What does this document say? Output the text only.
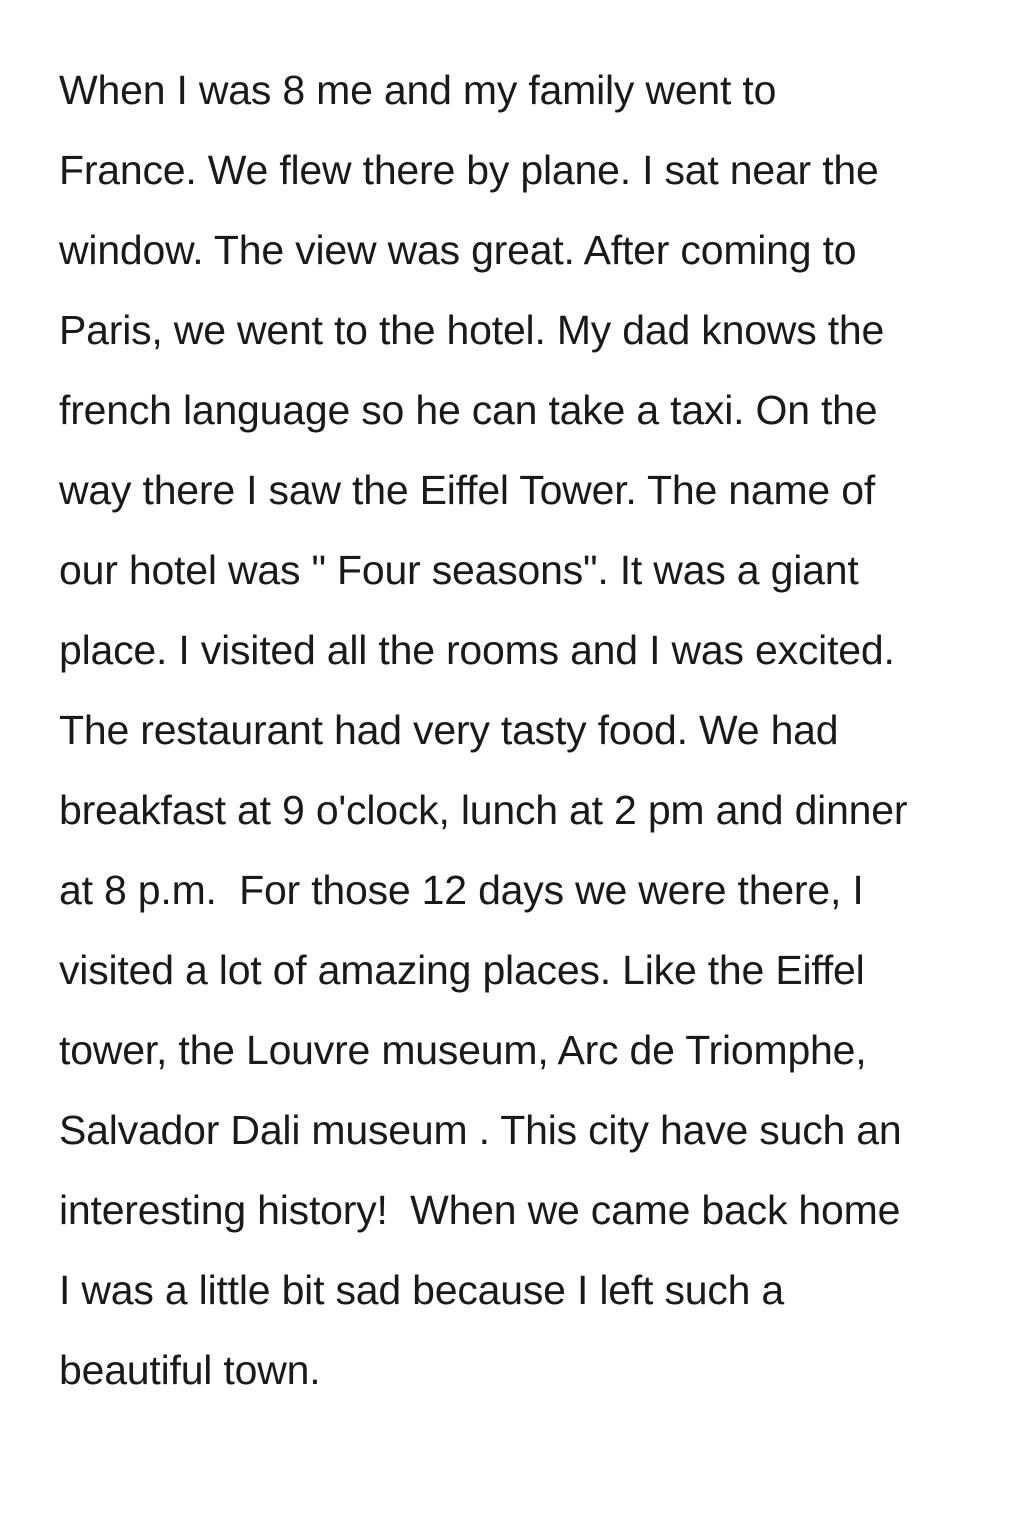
When I was 8 me and my family went to
France. We flew there by plane. I sat near the
window. The view was great. After coming to
Paris, we went to the hotel. My dad knows the
french language so he can take a taxi. On the
way there I saw the Eiffel Tower. The name of
our hotel was " Four seasons". It was a giant
place. I visited all the rooms and I was excited.
The restaurant had very tasty food. We had
breakfast at 9 o'clock, lunch at 2 pm and dinner
at 8 p.m.  For those 12 days we were there, I
visited a lot of amazing places. Like the Eiffel
tower, the Louvre museum, Arc de Triomphe,
Salvador Dali museum . This city have such an
interesting history!  When we came back home
I was a little bit sad because I left such a
beautiful town.
